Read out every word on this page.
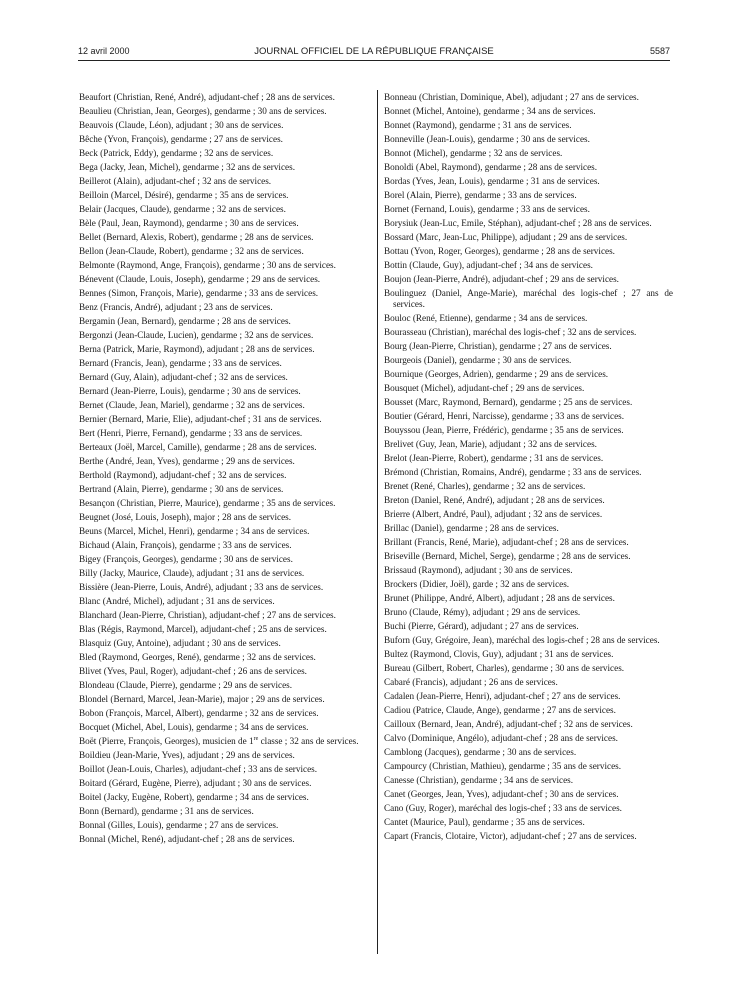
12 avril 2000	JOURNAL OFFICIEL DE LA RÉPUBLIQUE FRANÇAISE	5587

Beaufort (Christian, René, André), adjudant-chef ; 28 ans de services.

Beaulieu (Christian, Jean, Georges), gendarme ; 30 ans de services.

Beauvois (Claude, Léon), adjudant ; 30 ans de services.

Bêche (Yvon, François), gendarme ; 27 ans de services.

Beck (Patrick, Eddy), gendarme ; 32 ans de services.

Bega (Jacky, Jean, Michel), gendarme ; 32 ans de services.

Beillerot (Alain), adjudant-chef ; 32 ans de services.

Beilloin (Marcel, Désiré), gendarme ; 35 ans de services.

Belair (Jacques, Claude), gendarme ; 32 ans de services.

Bèle (Paul, Jean, Raymond), gendarme ; 30 ans de services.

Bellet (Bernard, Alexis, Robert), gendarme ; 28 ans de services.

Bellon (Jean-Claude, Robert), gendarme ; 32 ans de services.

Belmonte (Raymond, Ange, François), gendarme ; 30 ans de services.

Bénevent (Claude, Louis, Joseph), gendarme ; 29 ans de services.

Bennes (Simon, François, Marie), gendarme ; 33 ans de services.

Benz (Francis, André), adjudant ; 23 ans de services.

Bergamin (Jean, Bernard), gendarme ; 28 ans de services.

Bergonzi (Jean-Claude, Lucien), gendarme ; 32 ans de services.

Berna (Patrick, Marie, Raymond), adjudant ; 28 ans de services.

Bernard (Francis, Jean), gendarme ; 33 ans de services.

Bernard (Guy, Alain), adjudant-chef ; 32 ans de services.

Bernard (Jean-Pierre, Louis), gendarme ; 30 ans de services.

Bernet (Claude, Jean, Mariel), gendarme ; 32 ans de services.

Bernier (Bernard, Marie, Elie), adjudant-chef ; 31 ans de services.

Bert (Henri, Pierre, Fernand), gendarme ; 33 ans de services.

Berteaux (Joël, Marcel, Camille), gendarme ; 28 ans de services.

Berthe (André, Jean, Yves), gendarme ; 29 ans de services.

Berthold (Raymond), adjudant-chef ; 32 ans de services.

Bertrand (Alain, Pierre), gendarme ; 30 ans de services.

Besançon (Christian, Pierre, Maurice), gendarme ; 35 ans de services.

Beugnet (José, Louis, Joseph), major ; 28 ans de services.

Beuns (Marcel, Michel, Henri), gendarme ; 34 ans de services.

Bichaud (Alain, François), gendarme ; 33 ans de services.

Bigey (François, Georges), gendarme ; 30 ans de services.

Billy (Jacky, Maurice, Claude), adjudant ; 31 ans de services.

Bissière (Jean-Pierre, Louis, André), adjudant ; 33 ans de services.

Blanc (André, Michel), adjudant ; 31 ans de services.

Blanchard (Jean-Pierre, Christian), adjudant-chef ; 27 ans de services.

Blas (Régis, Raymond, Marcel), adjudant-chef ; 25 ans de services.

Blasquiz (Guy, Antoine), adjudant ; 30 ans de services.

Bled (Raymond, Georges, René), gendarme ; 32 ans de services.

Blivet (Yves, Paul, Roger), adjudant-chef ; 26 ans de services.

Blondeau (Claude, Pierre), gendarme ; 29 ans de services.

Blondel (Bernard, Marcel, Jean-Marie), major ; 29 ans de services.

Bobon (François, Marcel, Albert), gendarme ; 32 ans de services.

Bocquet (Michel, Abel, Louis), gendarme ; 34 ans de services.

Boët (Pierre, François, Georges), musicien de 1re classe ; 32 ans de services.

Boildieu (Jean-Marie, Yves), adjudant ; 29 ans de services.

Boillot (Jean-Louis, Charles), adjudant-chef ; 33 ans de services.

Boitard (Gérard, Eugène, Pierre), adjudant ; 30 ans de services.

Boitel (Jacky, Eugène, Robert), gendarme ; 34 ans de services.

Bonn (Bernard), gendarme ; 31 ans de services.

Bonnal (Gilles, Louis), gendarme ; 27 ans de services.

Bonnal (Michel, René), adjudant-chef ; 28 ans de services.

Bonneau (Christian, Dominique, Abel), adjudant ; 27 ans de services.

Bonnet (Michel, Antoine), gendarme ; 34 ans de services.

Bonnet (Raymond), gendarme ; 31 ans de services.

Bonneville (Jean-Louis), gendarme ; 30 ans de services.

Bonnot (Michel), gendarme ; 32 ans de services.

Bonoldi (Abel, Raymond), gendarme ; 28 ans de services.

Bordas (Yves, Jean, Louis), gendarme ; 31 ans de services.

Borel (Alain, Pierre), gendarme ; 33 ans de services.

Bornet (Fernand, Louis), gendarme ; 33 ans de services.

Borysiuk (Jean-Luc, Emile, Stéphan), adjudant-chef ; 28 ans de services.

Bossard (Marc, Jean-Luc, Philippe), adjudant ; 29 ans de services.

Bottau (Yvon, Roger, Georges), gendarme ; 28 ans de services.

Bottin (Claude, Guy), adjudant-chef ; 34 ans de services.

Boujon (Jean-Pierre, André), adjudant-chef ; 29 ans de services.

Boulinguez (Daniel, Ange-Marie), maréchal des logis-chef ; 27 ans de services.

Bouloc (René, Etienne), gendarme ; 34 ans de services.

Bourasseau (Christian), maréchal des logis-chef ; 32 ans de services.

Bourg (Jean-Pierre, Christian), gendarme ; 27 ans de services.

Bourgeois (Daniel), gendarme ; 30 ans de services.

Bournique (Georges, Adrien), gendarme ; 29 ans de services.

Bousquet (Michel), adjudant-chef ; 29 ans de services.

Bousset (Marc, Raymond, Bernard), gendarme ; 25 ans de services.

Boutier (Gérard, Henri, Narcisse), gendarme ; 33 ans de services.

Bouyssou (Jean, Pierre, Frédéric), gendarme ; 35 ans de services.

Brelivet (Guy, Jean, Marie), adjudant ; 32 ans de services.

Brelot (Jean-Pierre, Robert), gendarme ; 31 ans de services.

Brémond (Christian, Romains, André), gendarme ; 33 ans de services.

Brenet (René, Charles), gendarme ; 32 ans de services.

Breton (Daniel, René, André), adjudant ; 28 ans de services.

Brierre (Albert, André, Paul), adjudant ; 32 ans de services.

Brillac (Daniel), gendarme ; 28 ans de services.

Brillant (Francis, René, Marie), adjudant-chef ; 28 ans de services.

Briseville (Bernard, Michel, Serge), gendarme ; 28 ans de services.

Brissaud (Raymond), adjudant ; 30 ans de services.

Brockers (Didier, Joël), garde ; 32 ans de services.

Brunet (Philippe, André, Albert), adjudant ; 28 ans de services.

Bruno (Claude, Rémy), adjudant ; 29 ans de services.

Buchi (Pierre, Gérard), adjudant ; 27 ans de services.

Buforn (Guy, Grégoire, Jean), maréchal des logis-chef ; 28 ans de services.

Bultez (Raymond, Clovis, Guy), adjudant ; 31 ans de services.

Bureau (Gilbert, Robert, Charles), gendarme ; 30 ans de services.

Cabaré (Francis), adjudant ; 26 ans de services.

Cadalen (Jean-Pierre, Henri), adjudant-chef ; 27 ans de services.

Cadiou (Patrice, Claude, Ange), gendarme ; 27 ans de services.

Cailloux (Bernard, Jean, André), adjudant-chef ; 32 ans de services.

Calvo (Dominique, Angélo), adjudant-chef ; 28 ans de services.

Camblong (Jacques), gendarme ; 30 ans de services.

Campourcy (Christian, Mathieu), gendarme ; 35 ans de services.

Canesse (Christian), gendarme ; 34 ans de services.

Canet (Georges, Jean, Yves), adjudant-chef ; 30 ans de services.

Cano (Guy, Roger), maréchal des logis-chef ; 33 ans de services.

Cantet (Maurice, Paul), gendarme ; 35 ans de services.

Capart (Francis, Clotaire, Victor), adjudant-chef ; 27 ans de services.
